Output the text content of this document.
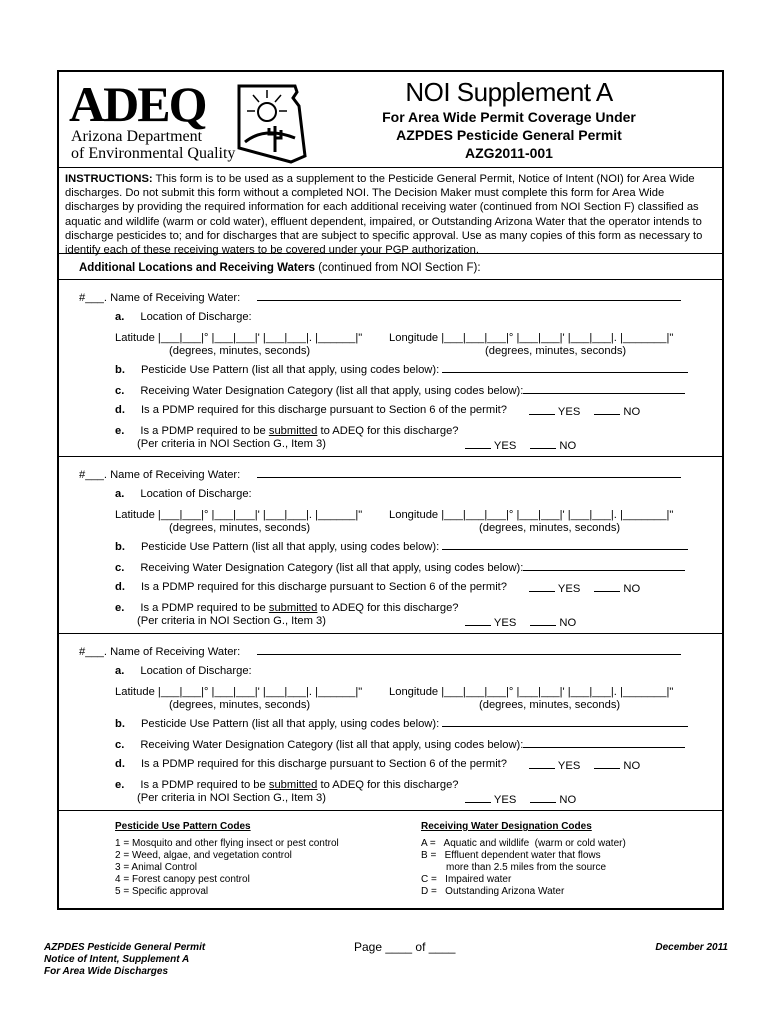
ADEQ
Arizona Department
of Environmental Quality
NOI Supplement A
For Area Wide Permit Coverage Under
AZPDES Pesticide General Permit
AZG2011-001
INSTRUCTIONS: This form is to be used as a supplement to the Pesticide General Permit, Notice of Intent (NOI) for Area Wide discharges. Do not submit this form without a completed NOI. The Decision Maker must complete this form for Area Wide discharges by providing the required information for each additional receiving water (continued from NOI Section F) classified as aquatic and wildlife (warm or cold water), effluent dependent, impaired, or Outstanding Arizona Water that the operator intends to discharge pesticides to; and for discharges that are subject to specific approval. Use as many copies of this form as necessary to identify each of these receiving waters to be covered under your PGP authorization.
Additional Locations and Receiving Waters (continued from NOI Section F):
#___. Name of Receiving Water:
a. Location of Discharge:
Latitude |___|___|° |___|___|' |___|___|. |______|" Longitude |___|___|___|° |___|___|' |___|___|. |_______|"
(degrees, minutes, seconds)	(degrees, minutes, seconds)
b. Pesticide Use Pattern (list all that apply, using codes below):
c. Receiving Water Designation Category (list all that apply, using codes below):
d. Is a PDMP required for this discharge pursuant to Section 6 of the permit?	YES	NO
e. Is a PDMP required to be submitted to ADEQ for this discharge?
(Per criteria in NOI Section G., Item 3)	YES	NO
#___. Name of Receiving Water:
a. Location of Discharge:
Latitude |___|___|° |___|___|' |___|___|. |______|" Longitude |___|___|___|° |___|___|' |___|___|. |_______|"
(degrees, minutes, seconds)	(degrees, minutes, seconds)
b. Pesticide Use Pattern (list all that apply, using codes below):
c. Receiving Water Designation Category (list all that apply, using codes below):
d. Is a PDMP required for this discharge pursuant to Section 6 of the permit?	YES	NO
e. Is a PDMP required to be submitted to ADEQ for this discharge?
(Per criteria in NOI Section G., Item 3)	YES	NO
#___. Name of Receiving Water:
a. Location of Discharge:
Latitude |___|___|° |___|___|' |___|___|. |______|" Longitude |___|___|___|° |___|___|' |___|___|. |_______|"
(degrees, minutes, seconds)	(degrees, minutes, seconds)
b. Pesticide Use Pattern (list all that apply, using codes below):
c. Receiving Water Designation Category (list all that apply, using codes below):
d. Is a PDMP required for this discharge pursuant to Section 6 of the permit?	YES	NO
e. Is a PDMP required to be submitted to ADEQ for this discharge?
(Per criteria in NOI Section G., Item 3)	YES	NO
Pesticide Use Pattern Codes
1 = Mosquito and other flying insect or pest control
2 = Weed, algae, and vegetation control
3 = Animal Control
4 = Forest canopy pest control
5 = Specific approval
Receiving Water Designation Codes
A =   Aquatic and wildlife  (warm or cold water)
B =   Effluent dependent water that flows
more than 2.5 miles from the source
C =   Impaired water
D =   Outstanding Arizona Water
AZPDES Pesticide General Permit
Notice of Intent, Supplement A
For Area Wide Discharges
Page ____ of ____	December 2011
